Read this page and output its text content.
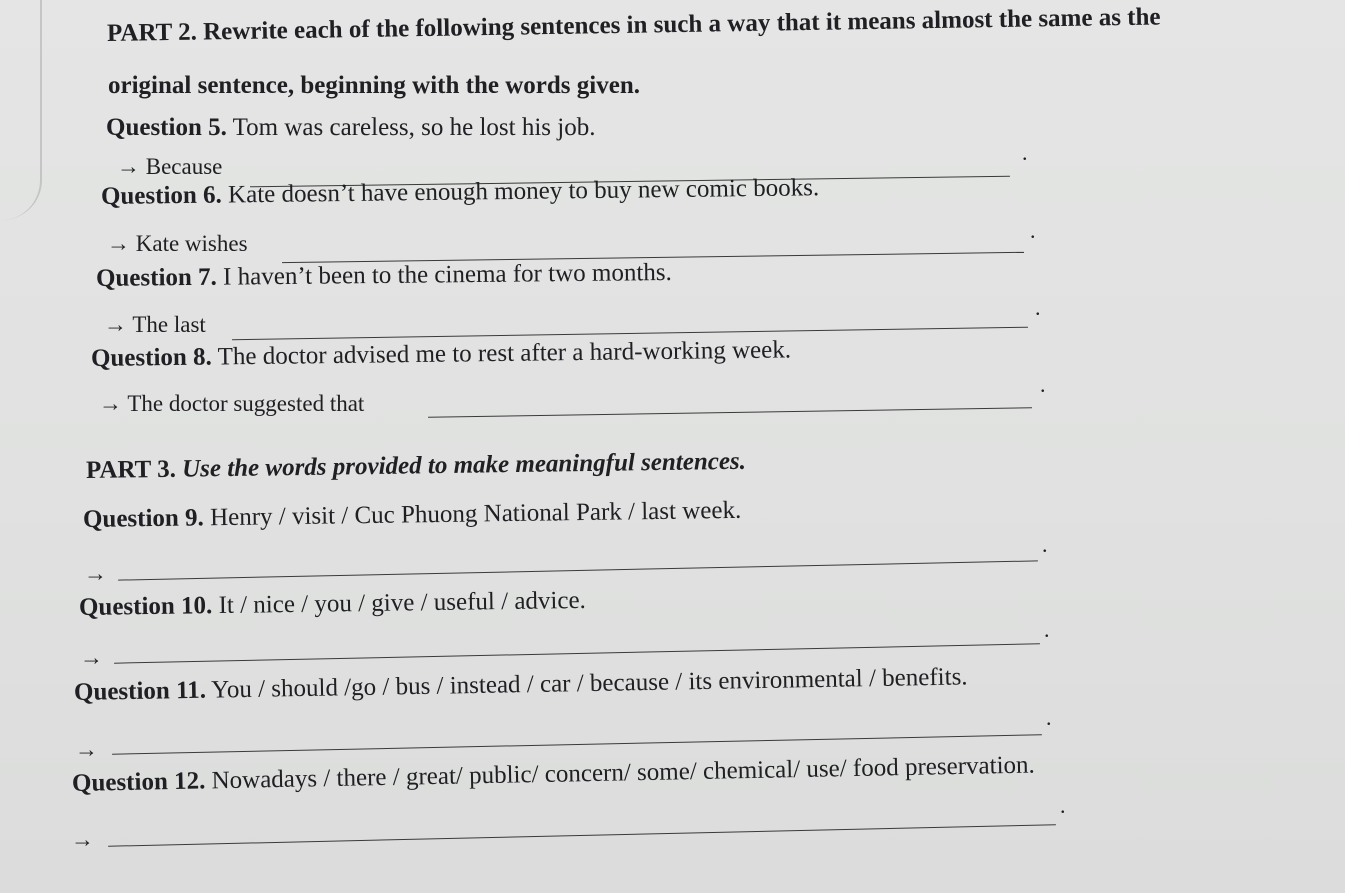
PART 2. Rewrite each of the following sentences in such a way that it means almost the same as the
original sentence, beginning with the words given.
Question 5. Tom was careless, so he lost his job.
→ Because
.
Question 6. Kate doesn’t have enough money to buy new comic books.
→ Kate wishes
.
Question 7. I haven’t been to the cinema for two months.
→ The last
.
Question 8. The doctor advised me to rest after a hard-working week.
→ The doctor suggested that
.
PART 3. Use the words provided to make meaningful sentences.
Question 9. Henry / visit / Cuc Phuong National Park / last week.
→
.
Question 10. It / nice / you / give / useful / advice.
→
.
Question 11. You / should /go / bus / instead / car / because / its environmental / benefits.
→
.
Question 12. Nowadays / there / great/ public/ concern/ some/ chemical/ use/ food preservation.
→
.
